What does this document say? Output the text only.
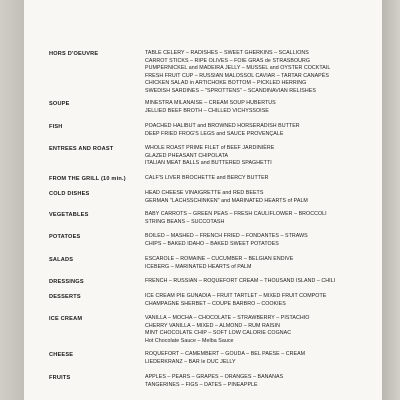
HORS D'OEUVRE	TABLE CELERY – RADISHES – SWEET GHERKINS – SCALLIONS
CARROT STICKS – RIPE OLIVES – FOIE GRAS de STRASBOURG
PUMPERNICKEL and MADEIRA JELLY – MUSSEL and OYSTER COCKTAIL
FRESH FRUIT CUP – RUSSIAN MALOSSOL CAVIAR – TARTAR CANAPÉS
CHICKEN SALAD in ARTICHOKE BOTTOM – PICKLED HERRING
SWEDISH SARDINES – "SPROTTENS" – SCANDINAVIAN RELISHES
SOUPE	MINESTRA MILANAISE – CREAM SOUP HUBERTUS
JELLIED BEEF BROTH – CHILLED VICHYSSOISE
FISH	POACHED HALIBUT and BROWNED HORSERADISH BUTTER
DEEP FRIED FROG'S LEGS and SAUCE PROVENÇALE
ENTREES AND ROAST	WHOLE ROAST PRIME FILET of BEEF JARDINIÈRE
GLAZED PHEASANT CHIPOLATA
ITALIAN MEAT BALLS and BUTTERED SPAGHETTI
FROM THE GRILL (10 min.)	CALF'S LIVER BROCHETTE and BERCY BUTTER
COLD DISHES	HEAD CHEESE VINAIGRETTE and RED BEETS
GERMAN "LACHSSCHINKEN" and MARINATED HEARTS of PALM
VEGETABLES	BABY CARROTS – GREEN PEAS – FRESH CAULIFLOWER – BROCCOLI
STRING BEANS – SUCCOTASH
POTATOES	BOILED – MASHED – FRENCH FRIED – FONDANTES – STRAWS
CHIPS – BAKED IDAHO – BAKED SWEET POTATOES
SALADS	ESCAROLE – ROMAINE – CUCUMBER – BELGIAN ENDIVE
ICEBERG – MARINATED HEARTS of PALM
DRESSINGS	FRENCH – RUSSIAN – ROQUEFORT CREAM – THOUSAND ISLAND – CHILI
DESSERTS	ICE CREAM PIE GUNADIA – FRUIT TARTLET – MIXED FRUIT COMPOTE
CHAMPAGNE SHERBET – COUPE BARBRO – COOKIES
ICE CREAM	VANILLA – MOCHA – CHOCOLATE – STRAWBERRY – PISTACHIO
CHERRY VANILLA – MIXED – ALMOND – RUM RAISIN
MINT CHOCOLATE CHIP – SOFT LOW CALORIE COGNAC
Hot Chocolate Sauce – Melba Sauce
CHEESE	ROQUEFORT – CAMEMBERT – GOUDA – BEL PAESE – CREAM
LIEDERKRANZ – BAR le DUC JELLY
FRUITS	APPLES – PEARS – GRAPES – ORANGES – BANANAS
TANGERINES – FIGS – DATES – PINEAPPLE
